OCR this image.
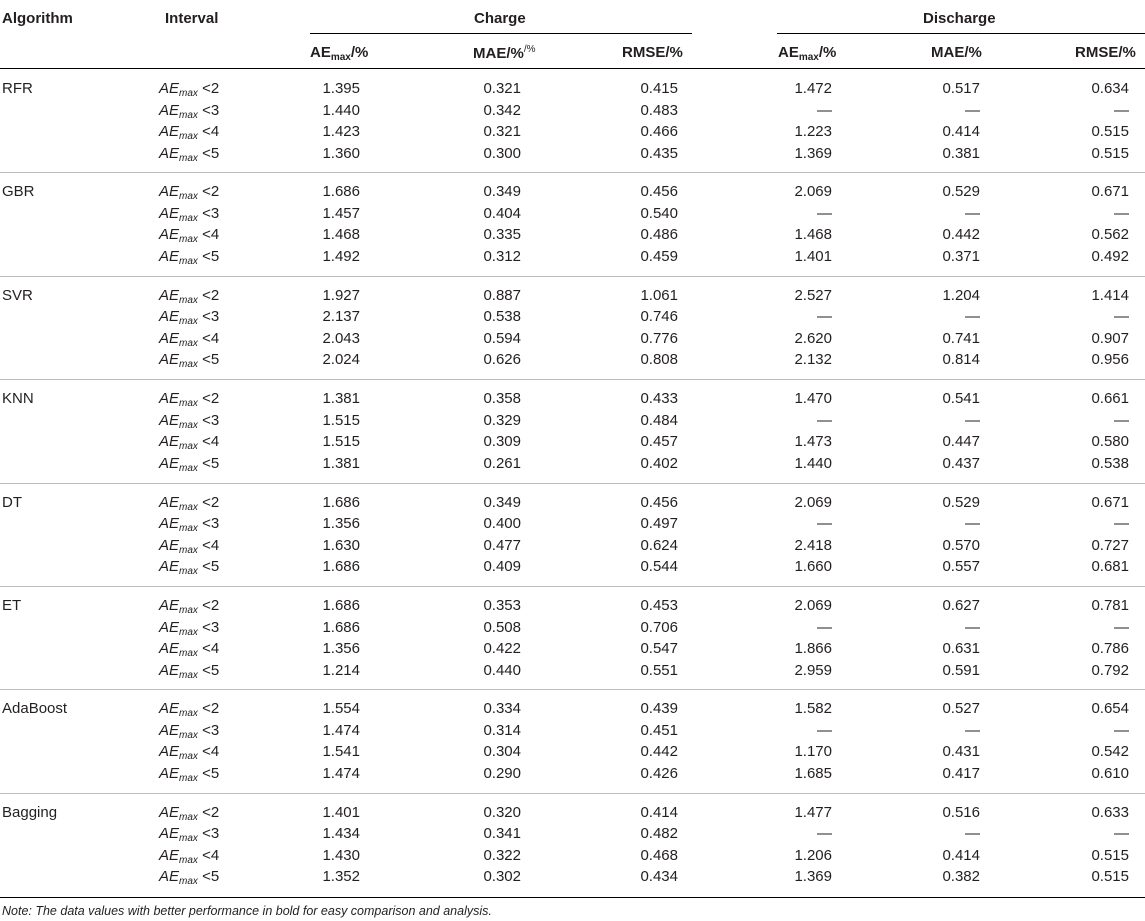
Algorithm	Interval	Charge	Discharge
$AE_{max}/\%$	MAE/%/%	RMSE/%	$AE_{max}/\%$	MAE/%	RMSE/%
RFR	$AE_{max} <2$	1.395	0.321	0.415	1.472	0.517	0.634
$AE_{max} <3$	1.440	0.342	0.483	—	—	—
$AE_{max} <4$	1.423	0.321	0.466	1.223	0.414	0.515
$AE_{max} <5$	1.360	0.300	0.435	1.369	0.381	0.515
GBR	$AE_{max} <2$	1.686	0.349	0.456	2.069	0.529	0.671
$AE_{max} <3$	1.457	0.404	0.540	—	—	—
$AE_{max} <4$	1.468	0.335	0.486	1.468	0.442	0.562
$AE_{max} <5$	1.492	0.312	0.459	1.401	0.371	0.492
SVR	$AE_{max} <2$	1.927	0.887	1.061	2.527	1.204	1.414
$AE_{max} <3$	2.137	0.538	0.746	—	—	—
$AE_{max} <4$	2.043	0.594	0.776	2.620	0.741	0.907
$AE_{max} <5$	2.024	0.626	0.808	2.132	0.814	0.956
KNN	$AE_{max} <2$	1.381	0.358	0.433	1.470	0.541	0.661
$AE_{max} <3$	1.515	0.329	0.484	—	—	—
$AE_{max} <4$	1.515	0.309	0.457	1.473	0.447	0.580
$AE_{max} <5$	1.381	0.261	0.402	1.440	0.437	0.538
DT	$AE_{max} <2$	1.686	0.349	0.456	2.069	0.529	0.671
$AE_{max} <3$	1.356	0.400	0.497	—	—	—
$AE_{max} <4$	1.630	0.477	0.624	2.418	0.570	0.727
$AE_{max} <5$	1.686	0.409	0.544	1.660	0.557	0.681
ET	$AE_{max} <2$	1.686	0.353	0.453	2.069	0.627	0.781
$AE_{max} <3$	1.686	0.508	0.706	—	—	—
$AE_{max} <4$	1.356	0.422	0.547	1.866	0.631	0.786
$AE_{max} <5$	1.214	0.440	0.551	2.959	0.591	0.792
AdaBoost	$AE_{max} <2$	1.554	0.334	0.439	1.582	0.527	0.654
$AE_{max} <3$	1.474	0.314	0.451	—	—	—
$AE_{max} <4$	1.541	0.304	0.442	1.170	0.431	0.542
$AE_{max} <5$	1.474	0.290	0.426	1.685	0.417	0.610
Bagging	$AE_{max} <2$	1.401	0.320	0.414	1.477	0.516	0.633
$AE_{max} <3$	1.434	0.341	0.482	—	—	—
$AE_{max} <4$	1.430	0.322	0.468	1.206	0.414	0.515
$AE_{max} <5$	1.352	0.302	0.434	1.369	0.382	0.515
Note: The data values with better performance in bold for easy comparison and analysis.
